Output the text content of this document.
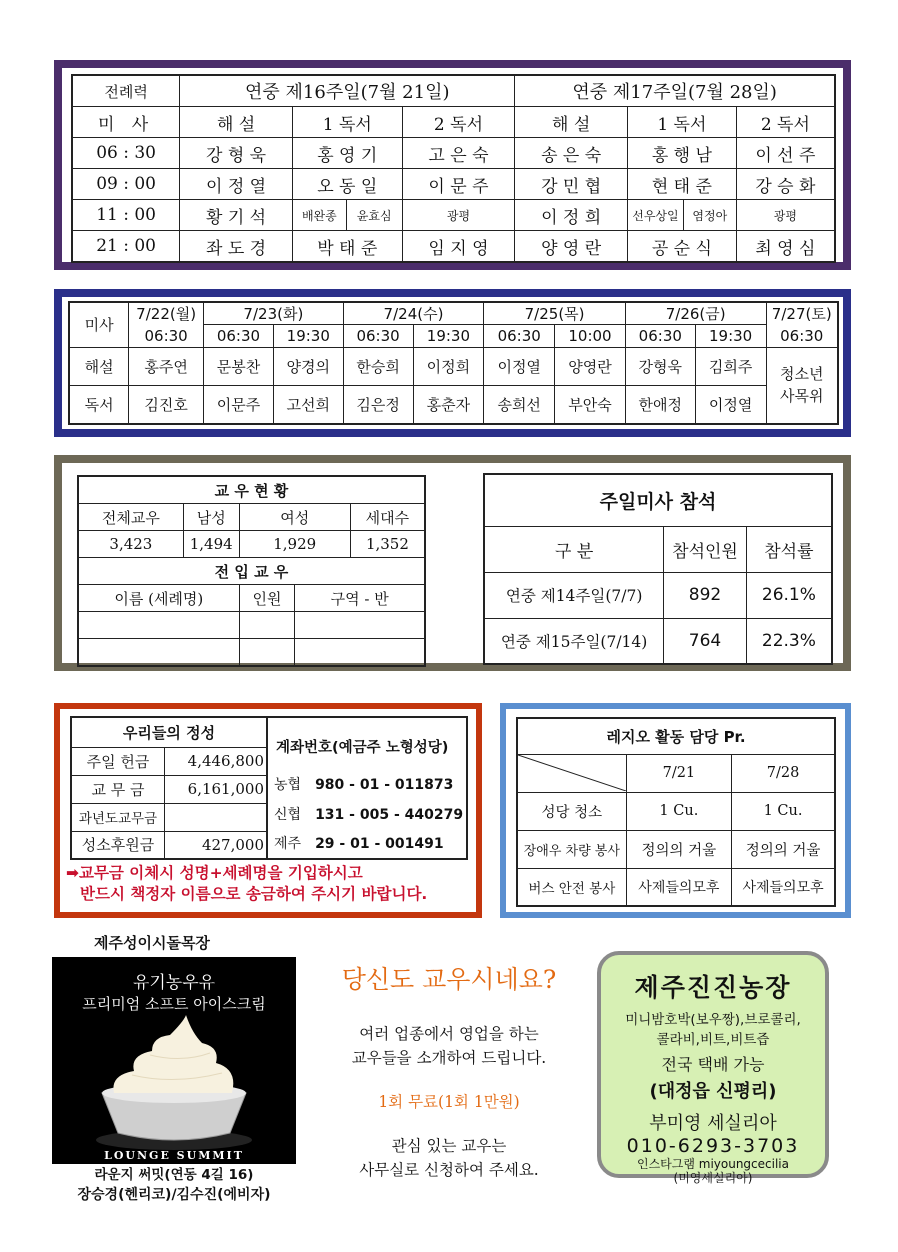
전례력	연중 제16주일(7월 21일)				연중 제17주일(7월 28일)			
미 사	해 설	1 독서		2 독서	해 설	1 독서		2 독서
06 : 30	강 형 욱	홍 영 기		고 은 숙	송 은 숙	홍 행 남		이 선 주
09 : 00	이 정 열	오 동 일		이 문 주	강 민 협	현 태 준		강 승 화
11 : 00	황 기 석	배완종	윤효심	광평	이 정 희	선우상일	염정아	광평
21 : 00	좌 도 경	박 태 준		임 지 영	양 영 란	공 순 식		최 영 심
미사	7/22(월)	7/23(화)		7/24(수)		7/25(목)		7/26(금)		7/27(토)
	06:30	06:30	19:30	06:30	19:30	06:30	10:00	06:30	19:30	06:30
해설	홍주연	문봉찬	양경의	한승희	이정희	이정열	양영란	강형욱	김희주	청소년
사목위
독서	김진호	이문주	고선희	김은정	홍춘자	송희선	부안숙	한애정	이정열	
교 우 현 황				
전체교우	남성	여성		세대수
3,423	1,494	1,929		1,352
전 입 교 우				
이름 (세례명)		인원	구역 - 반	

주일미사 참석		
구 분	참석인원	참석률
연중 제14주일(7/7)	892	26.1%
연중 제15주일(7/14)	764	22.3%
우리들의 정성	
주일 헌금	4,446,800
교 무 금	6,161,000
과년도교무금	
성소후원금	427,000
계좌번호(예금주 노형성당)
농협 980 - 01 - 011873
신협 131 - 005 - 440279
제주 29 - 01 - 001491
➡교무금 이체시 성명+세례명을 기입하시고
반드시 책정자 이름으로 송금하여 주시기 바랍니다.
레지오 활동 담당 Pr.		

	7/21	7/28
성당 청소	1 Cu.	1 Cu.
장애우 차량 봉사	정의의 거울	정의의 거울
버스 안전 봉사	사제들의모후	사제들의모후
제주성이시돌목장
유기농우유
프리미엄 소프트 아이스크림
LOUNGE SUMMIT
라운지 써밋(연동 4길 16)
장승경(헨리코)/김수진(에비자)
당신도 교우시네요?
여러 업종에서 영업을 하는
교우들을 소개하여 드립니다.
1회 무료(1회 1만원)
관심 있는 교우는
사무실로 신청하여 주세요.
제주진진농장
미니밤호박(보우짱),브로콜리,
콜라비,비트,비트즙
전국 택배 가능
(대정읍 신평리)
부미영 세실리아
010-6293-3703
인스타그램 miyoungcecilia
(미영세실리아)
